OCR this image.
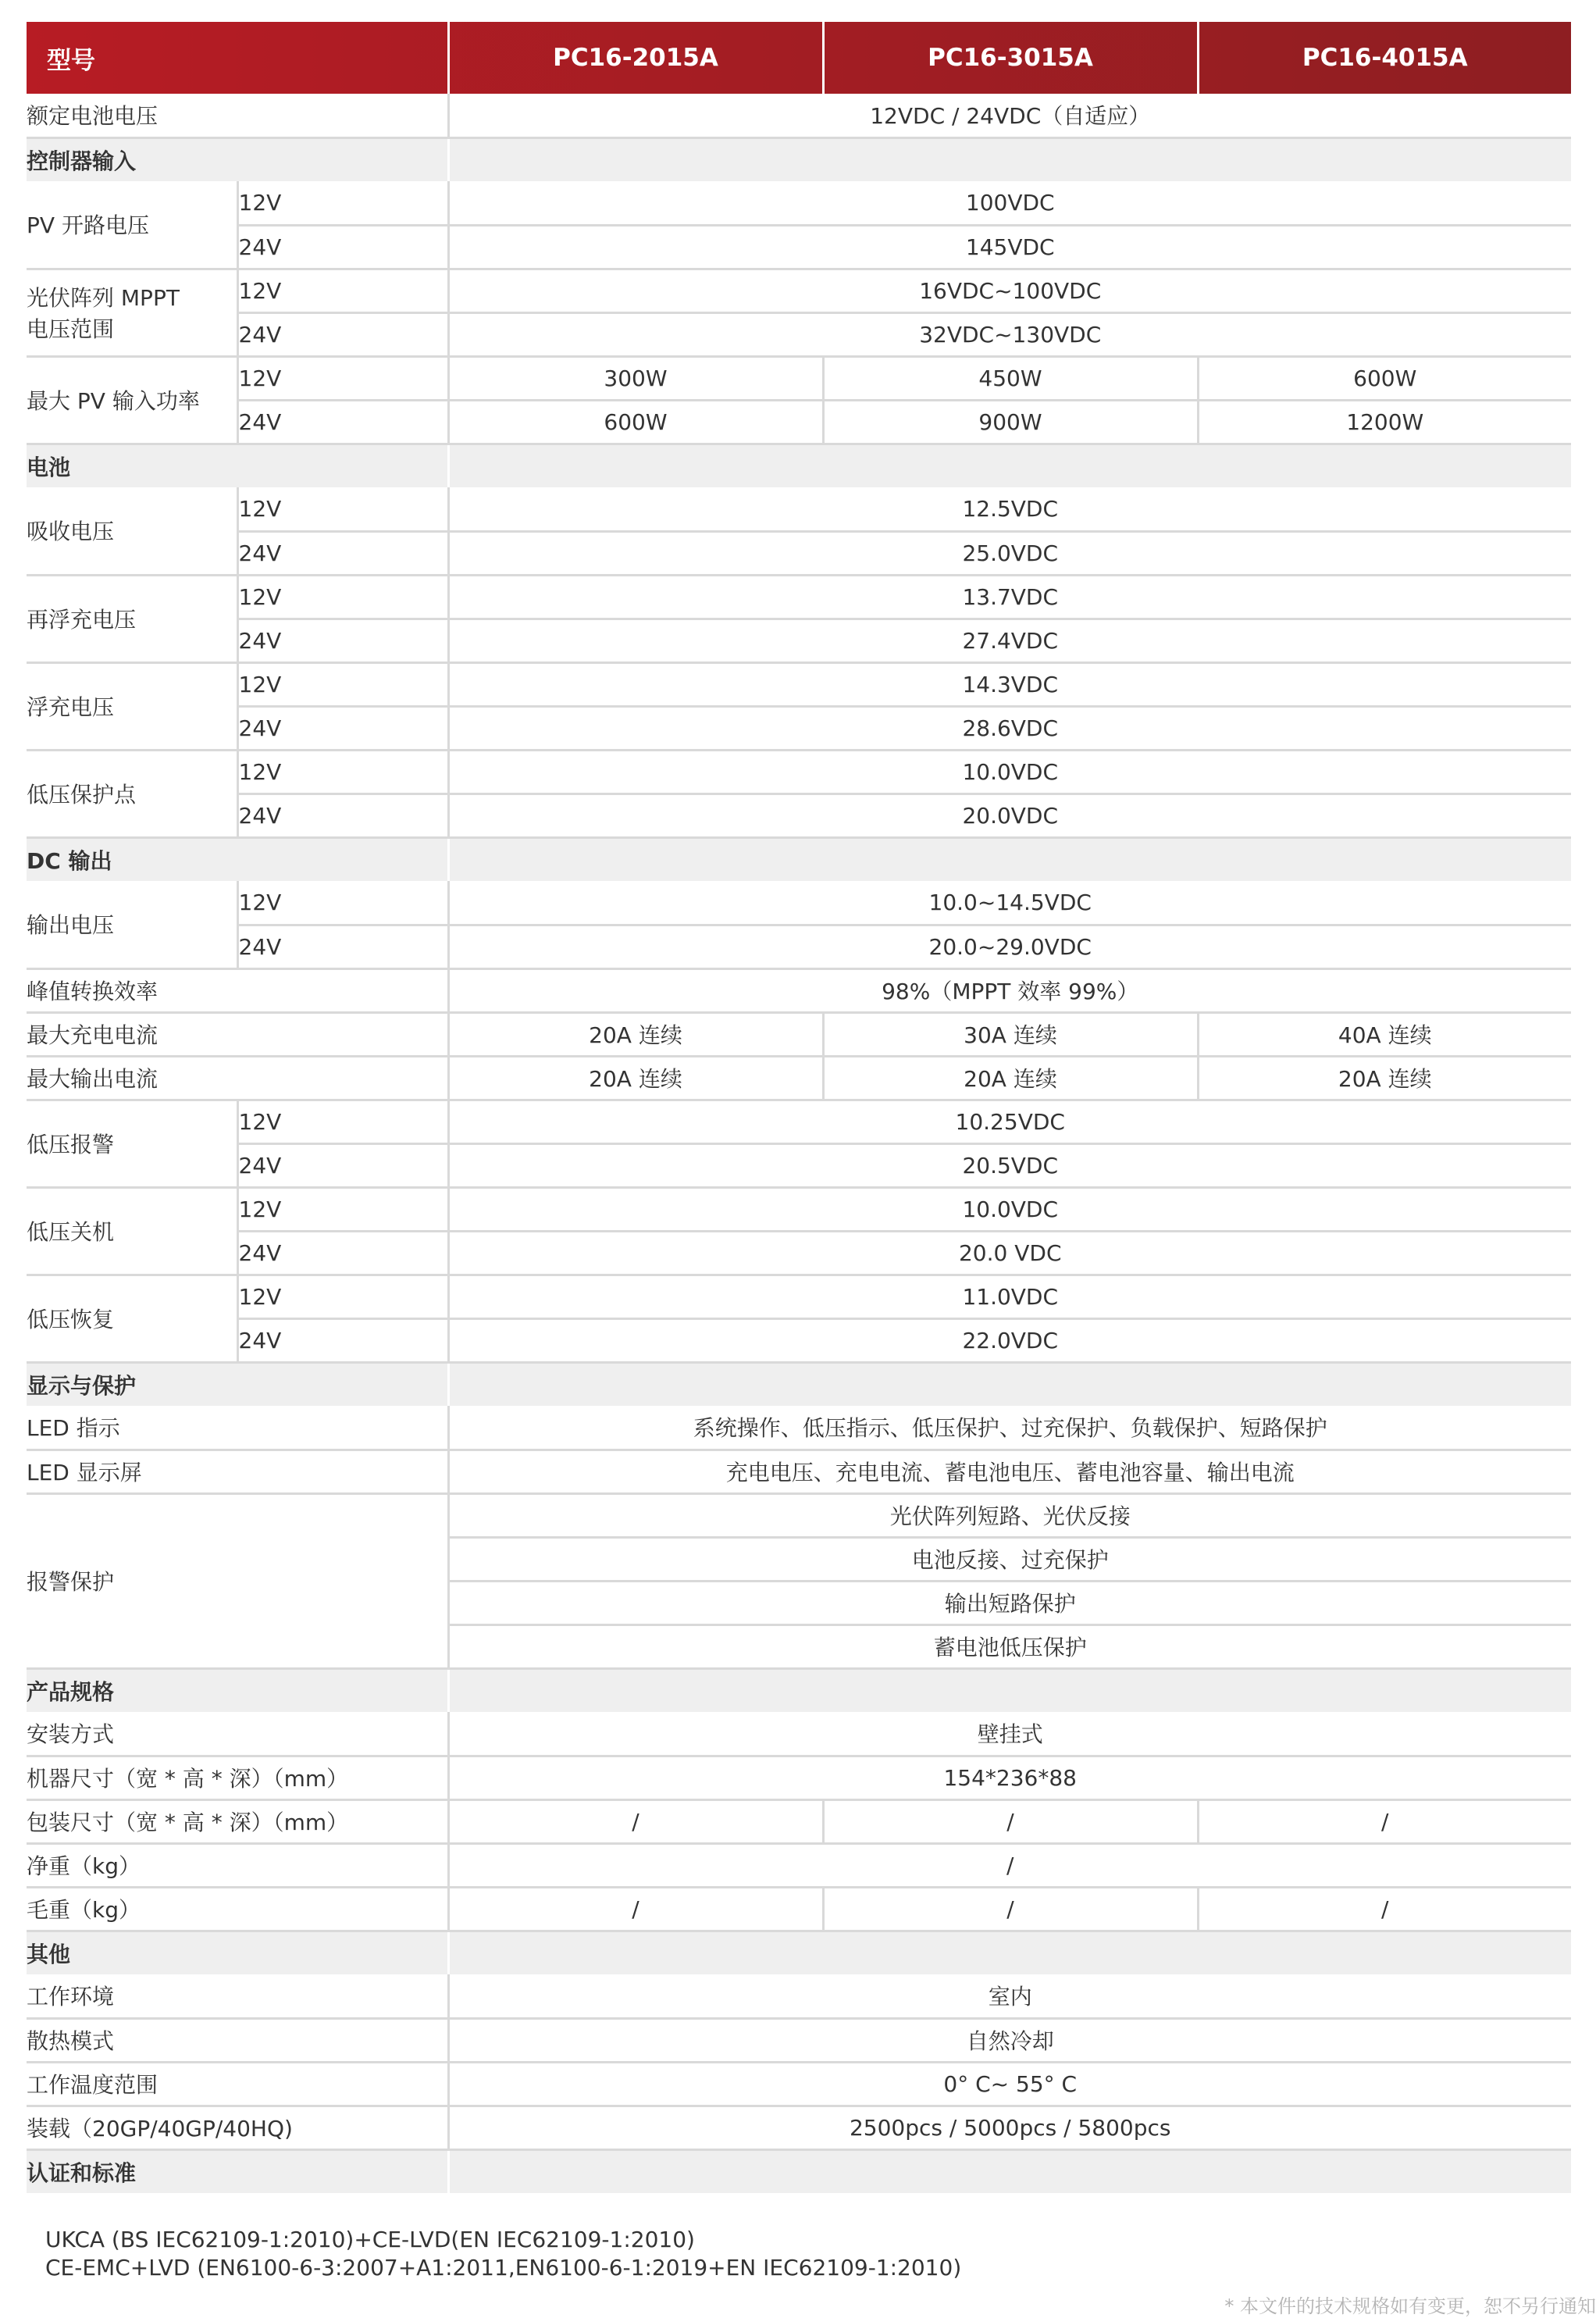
型号		PC16-2015A	PC16-3015A	PC16-4015A
额定电池电压		12VDC / 24VDC（自适应）		
控制器输入				
PV 开路电压	12V	100VDC		
	24V	145VDC		
光伏阵列 MPPT
电压范围	12V	16VDC~100VDC		
	24V	32VDC~130VDC		
最大 PV 输入功率	12V	300W	450W	600W
	24V	600W	900W	1200W
电池				
吸收电压	12V	12.5VDC		
	24V	25.0VDC		
再浮充电压	12V	13.7VDC		
	24V	27.4VDC		
浮充电压	12V	14.3VDC		
	24V	28.6VDC		
低压保护点	12V	10.0VDC		
	24V	20.0VDC		
DC 输出				
输出电压	12V	10.0~14.5VDC		
	24V	20.0~29.0VDC		
峰值转换效率		98%（MPPT 效率 99%）		
最大充电电流		20A 连续	30A 连续	40A 连续
最大输出电流		20A 连续	20A 连续	20A 连续
低压报警	12V	10.25VDC		
	24V	20.5VDC		
低压关机	12V	10.0VDC		
	24V	20.0 VDC		
低压恢复	12V	11.0VDC		
	24V	22.0VDC		
显示与保护				
LED 指示		系统操作、低压指示、低压保护、过充保护、负载保护、短路保护		
LED 显示屏		充电电压、充电电流、蓄电池电压、蓄电池容量、输出电流		
报警保护		光伏阵列短路、光伏反接		
		电池反接、过充保护		
		输出短路保护		
		蓄电池低压保护		
产品规格				
安装方式		壁挂式		
机器尺寸（宽 * 高 * 深）（mm）		154*236*88		
包装尺寸（宽 * 高 * 深）（mm）		/	/	/
净重（kg）		/		
毛重（kg）		/	/	/
其他				
工作环境		室内		
散热模式		自然冷却		
工作温度范围		0° C~ 55° C		
装载（20GP/40GP/40HQ)		2500pcs / 5000pcs / 5800pcs		
认证和标准				
UKCA (BS IEC62109-1:2010)+CE-LVD(EN IEC62109-1:2010)
CE-EMC+LVD (EN6100-6-3:2007+A1:2011,EN6100-6-1:2019+EN IEC62109-1:2010)
* 本文件的技术规格如有变更，恕不另行通知
